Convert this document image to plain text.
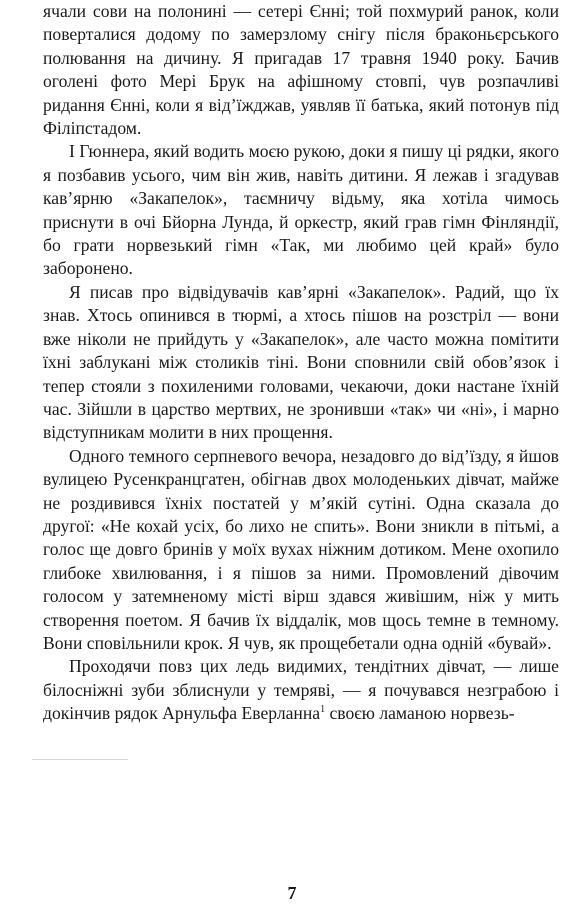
ячали сови на полонині — сетері Єнні; той похмурий ранок, коли поверталися додому по замерзлому снігу після браконьєрського полювання на дичину. Я пригадав 17 травня 1940 року. Бачив оголені фото Мері Брук на афішному стовпі, чув розпачливі ридання Єнні, коли я від’їжджав, уявляв її батька, який потонув під Філіпстадом.

І Гюннера, який водить моєю рукою, доки я пишу ці рядки, якого я позбавив усього, чим він жив, навіть дитини. Я лежав і згадував кав’ярню «Закапелок», таємничу відьму, яка хотіла чимось приснути в очі Бйорна Лунда, й оркестр, який грав гімн Фінляндії, бо грати норвезький гімн «Так, ми любимо цей край» було заборонено.

Я писав про відвідувачів кав’ярні «Закапелок». Радий, що їх знав. Хтось опинився в тюрмі, а хтось пішов на розстріл — вони вже ніколи не прийдуть у «Закапелок», але часто можна помітити їхні заблукані між столиків тіні. Вони сповнили свій обов’язок і тепер стояли з похиленими головами, чекаючи, доки настане їхній час. Зійшли в царство мертвих, не зронивши «так» чи «ні», і марно відступникам молити в них прощення.

Одного темного серпневого вечора, незадовго до від’їзду, я йшов вулицею Русенкранцгатен, обігнав двох молоденьких дівчат, майже не роздивився їхніх постатей у м’якій сутіні. Одна сказала до другої: «Не кохай усіх, бо лихо не спить». Вони зникли в пітьмі, а голос ще довго бринів у моїх вухах ніжним дотиком. Мене охопило глибоке хвилювання, і я пішов за ними. Промовлений дівочим голосом у затемненому місті вірш здався живішим, ніж у мить створення поетом. Я бачив їх віддалік, мов щось темне в темному. Вони сповільнили крок. Я чув, як прощебетали одна одній «бувай».

Проходячи повз цих ледь видимих, тендітних дівчат, — лише білосніжні зуби зблиснули у темряві, — я почувався незграбою і докінчив рядок Арнульфа Еверланна$^1$ своєю ламаною норвезь-

7
